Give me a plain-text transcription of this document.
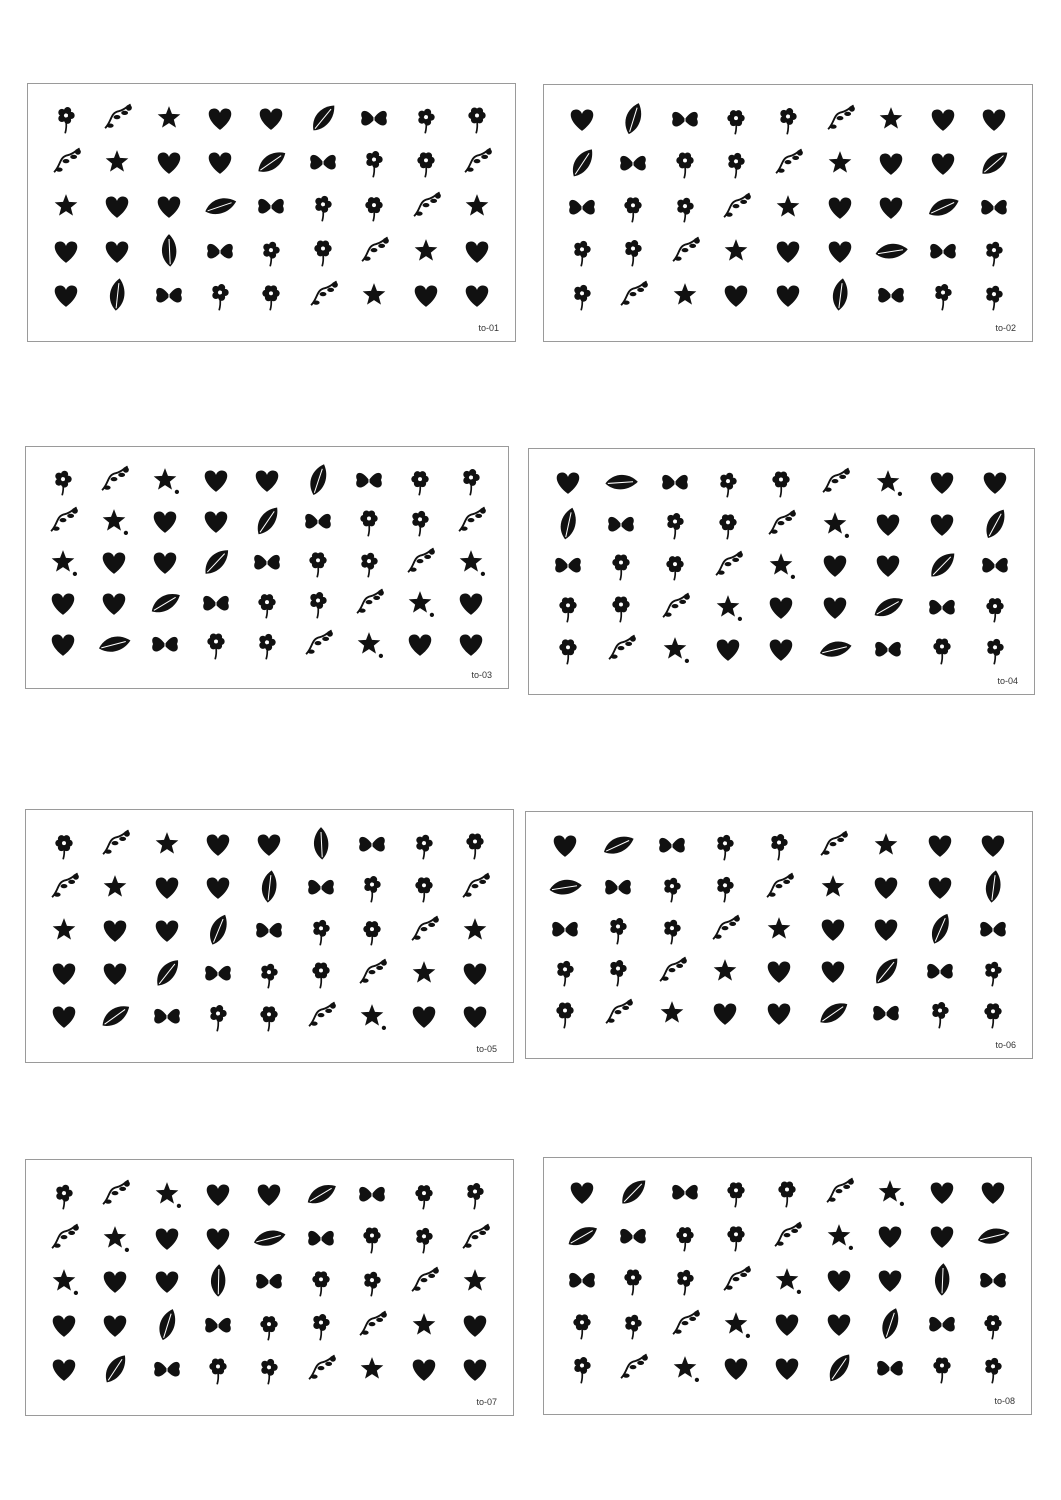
to-01	to-02
to-03
to-04
to-05	to-06
to-07	to-08
